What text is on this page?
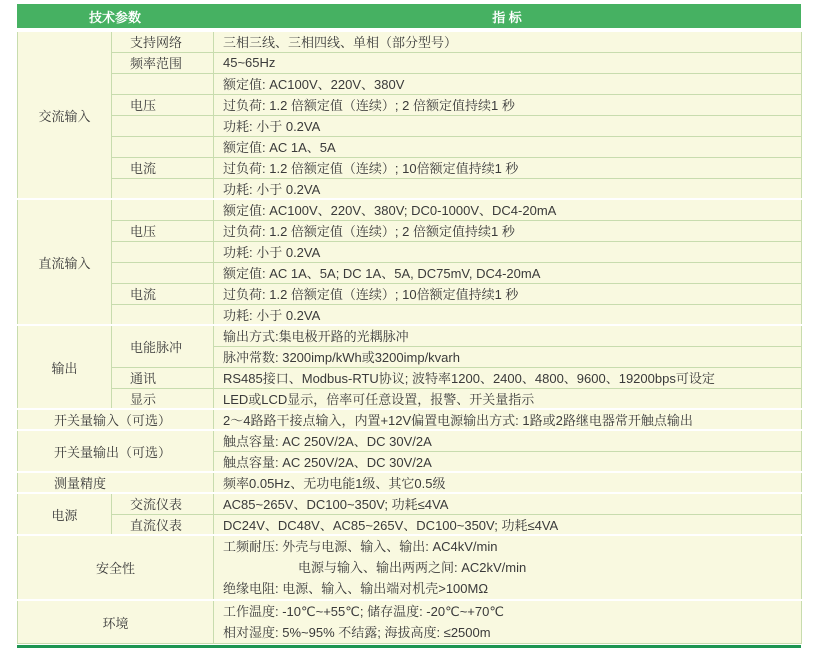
技术参数	指 标
交流输入	支持网络	三相三线、三相四线、单相（部分型号）
	频率范围	45~65Hz
		额定值: AC100V、220V、380V
	电压	过负荷: 1.2 倍额定值（连续）; 2 倍额定值持续1 秒
		功耗: 小于 0.2VA
		额定值: AC 1A、5A
	电流	过负荷: 1.2 倍额定值（连续）; 10倍额定值持续1 秒
		功耗: 小于 0.2VA
直流输入		额定值: AC100V、220V、380V; DC0-1000V、DC4-20mA
	电压	过负荷: 1.2 倍额定值（连续）; 2 倍额定值持续1 秒
		功耗: 小于 0.2VA
		额定值: AC 1A、5A; DC 1A、5A, DC75mV, DC4-20mA
	电流	过负荷: 1.2 倍额定值（连续）; 10倍额定值持续1 秒
		功耗: 小于 0.2VA
输出	电能脉冲	输出方式:集电极开路的光耦脉冲
		脉冲常数: 3200imp/kWh或3200imp/kvarh
	通讯	RS485接口、Modbus-RTU协议; 波特率1200、2400、4800、9600、19200bps可设定
	显示	LED或LCD显示，倍率可任意设置，报警、开关量指示
开关量输入（可选）		2～4路路干接点输入，内置+12V偏置电源输出方式: 1路或2路继电器常开触点输出
开关量输出（可选）		触点容量: AC 250V/2A、DC 30V/2A
		触点容量: AC 250V/2A、DC 30V/2A
测量精度		频率0.05Hz、无功电能1级、其它0.5级
电源	交流仪表	AC85~265V、DC100~350V; 功耗≤4VA
	直流仪表	DC24V、DC48V、AC85~265V、DC100~350V; 功耗≤4VA
安全性		工频耐压: 外壳与电源、输入、输出: AC4kV/min
电源与输入、输出两两之间: AC2kV/min
绝缘电阻: 电源、输入、输出端对机壳>100MΩ

环境		工作温度: -10℃~+55℃; 储存温度: -20℃~+70℃
相对湿度: 5%~95% 不结露; 海拔高度: ≤2500m
